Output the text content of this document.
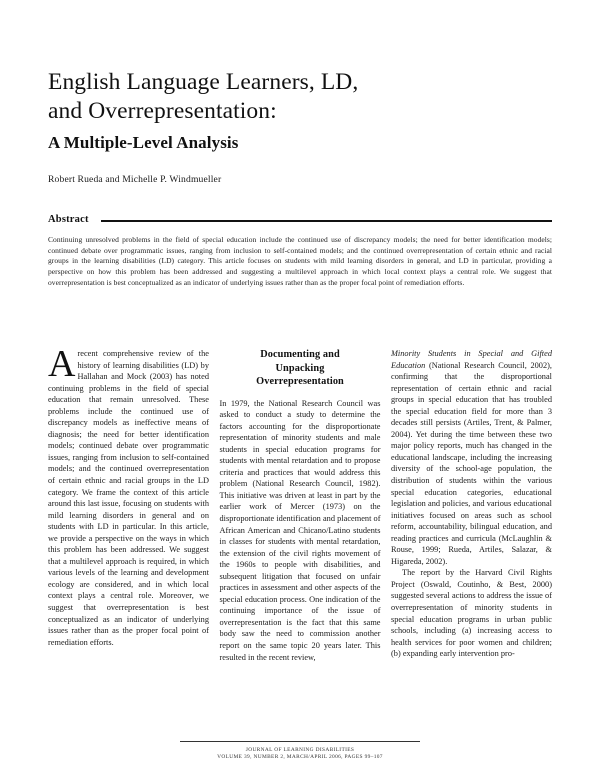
English Language Learners, LD,
and Overrepresentation:
A Multiple-Level Analysis
Robert Rueda and Michelle P. Windmueller
Abstract
Continuing unresolved problems in the field of special education include the continued use of discrepancy models; the need for better identification models; continued debate over programmatic issues, ranging from inclusion to self-contained models; and the continued overrepresentation of certain ethnic and racial groups in the learning disabilities (LD) category. This article focuses on students with mild learning disorders in general, and LD in particular, providing a perspective on how this problem has been addressed and suggesting a multilevel approach in which local context plays a central role. We suggest that overrepresentation is best conceptualized as an indicator of underlying issues rather than as the proper focal point of remediation efforts.

Arecent comprehensive review of the history of learning disabilities (LD) by Hallahan and Mock (2003) has noted continuing problems in the field of special education that remain unresolved. These problems include the continued use of discrepancy models as ineffective means of diagnosis; the need for better identification models; continued debate over programmatic issues, ranging from inclusion to self-contained models; and the continued overrepresentation of certain ethnic and racial groups in the LD category. We frame the context of this article around this last issue, focusing on students with mild learning disorders in general and on students with LD in particular. In this article, we provide a perspective on the ways in which this problem has been addressed. We suggest that a multilevel approach is required, in which various levels of the learning and development ecology are considered, and in which local context plays a central role. Moreover, we suggest that overrepresentation is best conceptualized as an indicator of underlying issues rather than as the proper focal point of remediation efforts.

Documenting and
Unpacking
Overrepresentation

In 1979, the National Research Council was asked to conduct a study to determine the factors accounting for the disproportionate representation of minority students and male students in special education programs for students with mental retardation and to propose criteria and practices that would address this problem (National Research Council, 1982). This initiative was driven at least in part by the earlier work of Mercer (1973) on the disproportionate identification and placement of African American and Chicano/Latino students in classes for students with mental retardation, the extension of the civil rights movement of the 1960s to people with disabilities, and subsequent litigation that focused on unfair practices in assessment and other aspects of the special education process. One indication of the continuing importance of the issue of overrepresentation is the fact that this same body saw the need to commission another report on the same topic 20 years later. This resulted in the recent review,

Minority Students in Special and Gifted Education (National Research Council, 2002), confirming that the disproportional representation of certain ethnic and racial groups in special education that has troubled the special education field for more than 3 decades still persists (Artiles, Trent, & Palmer, 2004). Yet during the time between these two major policy reports, much has changed in the educational landscape, including the increasing diversity of the school-age population, the distribution of students within the various special education categories, educational legislation and policies, and various educational initiatives focused on areas such as school reform, accountability, bilingual education, and reading practices and curricula (McLaughlin & Rouse, 1999; Rueda, Artiles, Salazar, & Higareda, 2002).

The report by the Harvard Civil Rights Project (Oswald, Coutinho, & Best, 2000) suggested several actions to address the issue of overrepresentation of minority students in special education programs in urban public schools, including (a) increasing access to health services for poor women and children; (b) expanding early intervention pro-

JOURNAL OF LEARNING DISABILITIES
VOLUME 39, NUMBER 2, MARCH/APRIL 2006, PAGES 99–107
